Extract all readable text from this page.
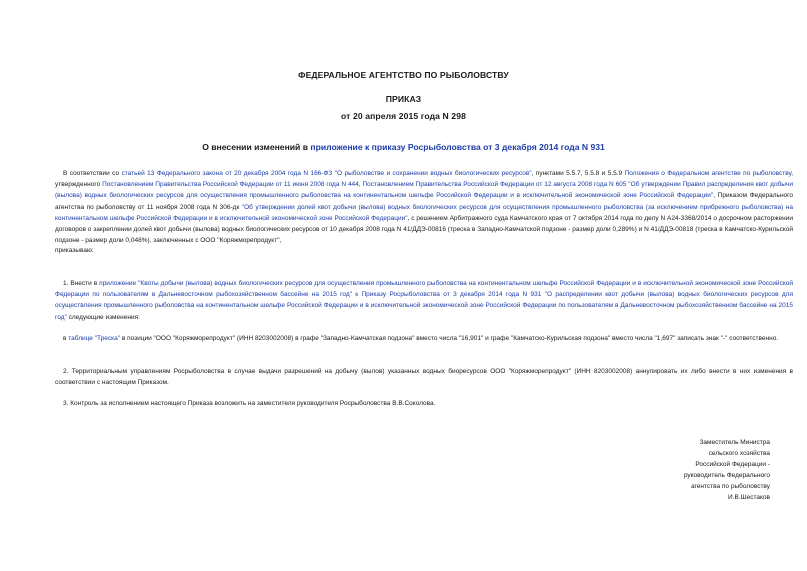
ФЕДЕРАЛЬНОЕ АГЕНТСТВО ПО РЫБОЛОВСТВУ
ПРИКАЗ
от 20 апреля 2015 года N 298
О внесении изменений в приложение к приказу Росрыболовства от 3 декабря 2014 года N 931
В соответствии со статьей 13 Федерального закона от 20 декабря 2004 года N 166-ФЗ "О рыболовстве и сохранении водных биологических ресурсов", пунктами 5.5.7, 5.5.8 и 5.5.9 Положения о Федеральном агентстве по рыболовству, утвержденного Постановлением Правительства Российской Федерации от 11 июня 2008 года N 444, Постановлением Правительства Российской Федерации от 12 августа 2008 года N 605 "Об утверждении Правил распределения квот добычи (вылова) водных биологических ресурсов для осуществления промышленного рыболовства на континентальном шельфе Российской Федерации и в исключительной экономической зоне Российской Федерации", Приказом Федерального агентства по рыболовству от 11 ноября 2008 года N 306-дк "Об утверждении долей квот добычи (вылова) водных биологических ресурсов для осуществления промышленного рыболовства (за исключением прибрежного рыболовства) на континентальном шельфе Российской Федерации и в исключительной экономической зоне Российской Федерации", с решением Арбитражного суда Камчатского края от 7 октября 2014 года по делу N А24-3368/2014 о досрочном расторжении договоров о закреплении долей квот добычи (вылова) водных биологических ресурсов от 10 декабря 2008 года N 41/ДДЭ-00816 (треска в Западно-Камчатской подзоне - размер доли 0,289%) и N 41/ДДЭ-00818 (треска в Камчатско-Курильской подзоне - размер доли 0,048%), заключенных с ООО "Коряжморепродукт",
приказываю:
1. Внести в приложение "Квоты добычи (вылова) водных биологических ресурсов для осуществления промышленного рыболовства на континентальном шельфе Российской Федерации и в исключительной экономической зоне Российской Федерации по пользователям в Дальневосточном рыбохозяйственном бассейне на 2015 год" к Приказу Росрыболовства от 3 декабря 2014 года N 931 "О распределении квот добычи (вылова) водных биологических ресурсов для осуществления промышленного рыболовства на континентальном шельфе Российской Федерации и в исключительной экономической зоне Российской Федерации по пользователям в Дальневосточном рыбохозяйственном бассейне на 2015 год" следующие изменения:
в таблице "Треска" в позиции "ООО "Коряжморепродукт" (ИНН 8203002008) в графе "Западно-Камчатская подзона" вместо числа "16,901" и графе "Камчатско-Курильская подзона" вместо числа "1,697" записать знак "-" соответственно.
2. Территориальным управлениям Росрыболовства в случае выдачи разрешений на добычу (вылов) указанных водных биоресурсов ООО "Коряжморепродукт" (ИНН 8203002008) аннулировать их либо внести в них изменения в соответствии с настоящим Приказом.
3. Контроль за исполнением настоящего Приказа возложить на заместителя руководителя Росрыболовства В.В.Соколова.
Заместитель Министра
сельского хозяйства
Российской Федерации -
руководитель Федерального
агентства по рыболовству
И.В.Шестаков
